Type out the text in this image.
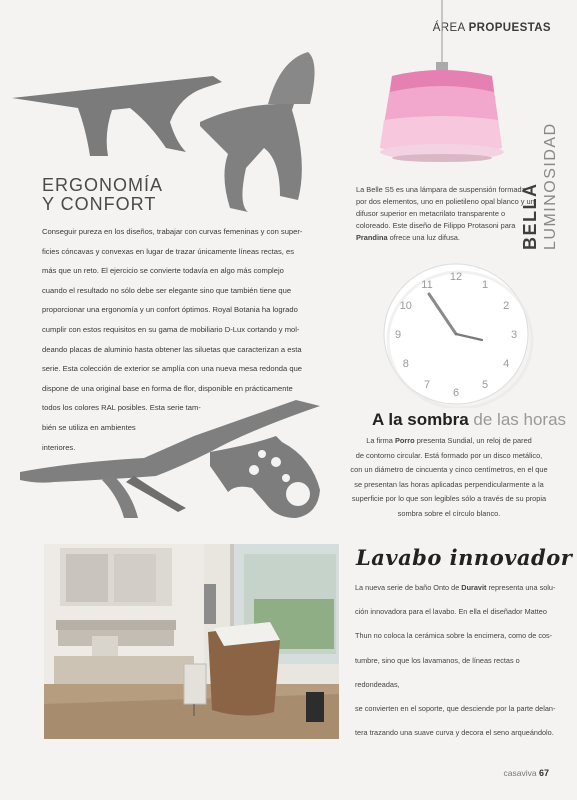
ÁREA PROPUESTAS
BELLA LUMINOSIDAD
ERGONOMÍA
Y CONFORT

Conseguir pureza en los diseños, trabajar con curvas femeninas y con super-

ficies cóncavas y convexas en lugar de trazar únicamente líneas rectas, es

más que un reto. El ejercicio se convierte todavía en algo más complejo

cuando el resultado no sólo debe ser elegante sino que también tiene que

proporcionar una ergonomía y un confort óptimos. Royal Botania ha logrado

cumplir con estos requisitos en su gama de mobiliario D-Lux cortando y mol-

deando placas de aluminio hasta obtener las siluetas que caracterizan a esta

serie. Esta colección de exterior se amplía con una nueva mesa redonda que

dispone de una original base en forma de flor, disponible en prácticamente

todos los colores RAL posibles. Esta serie tam-

bién se utiliza en ambientes

interiores.

La Belle S5 es una lámpara de suspensión formada por dos elementos, uno en polietileno opal blanco y un difusor superior en metacrilato transparente o coloreado. Este diseño de Filippo Protasoni para Prandina ofrece una luz difusa.

12
1
2
3
4
5
6
7
8
9
10
11
A la sombra de las horas

La firma Porro presenta Sundial, un reloj de pared

de contorno circular. Está formado por un disco metálico,

con un diámetro de cincuenta y cinco centímetros, en el que

se presentan las horas aplicadas perpendicularmente a la

superficie por lo que son legibles sólo a través de su propia

sombra sobre el círculo blanco.

Lavabo innovador

La nueva serie de baño Onto de Duravit representa una solu-

ción innovadora para el lavabo. En ella el diseñador Matteo

Thun no coloca la cerámica sobre la encimera, como de cos-

tumbre, sino que los lavamanos, de líneas rectas o redondeadas,

se convierten en el soporte, que desciende por la parte delan-

tera trazando una suave curva y decora el seno arqueándolo.

casaviva 67
